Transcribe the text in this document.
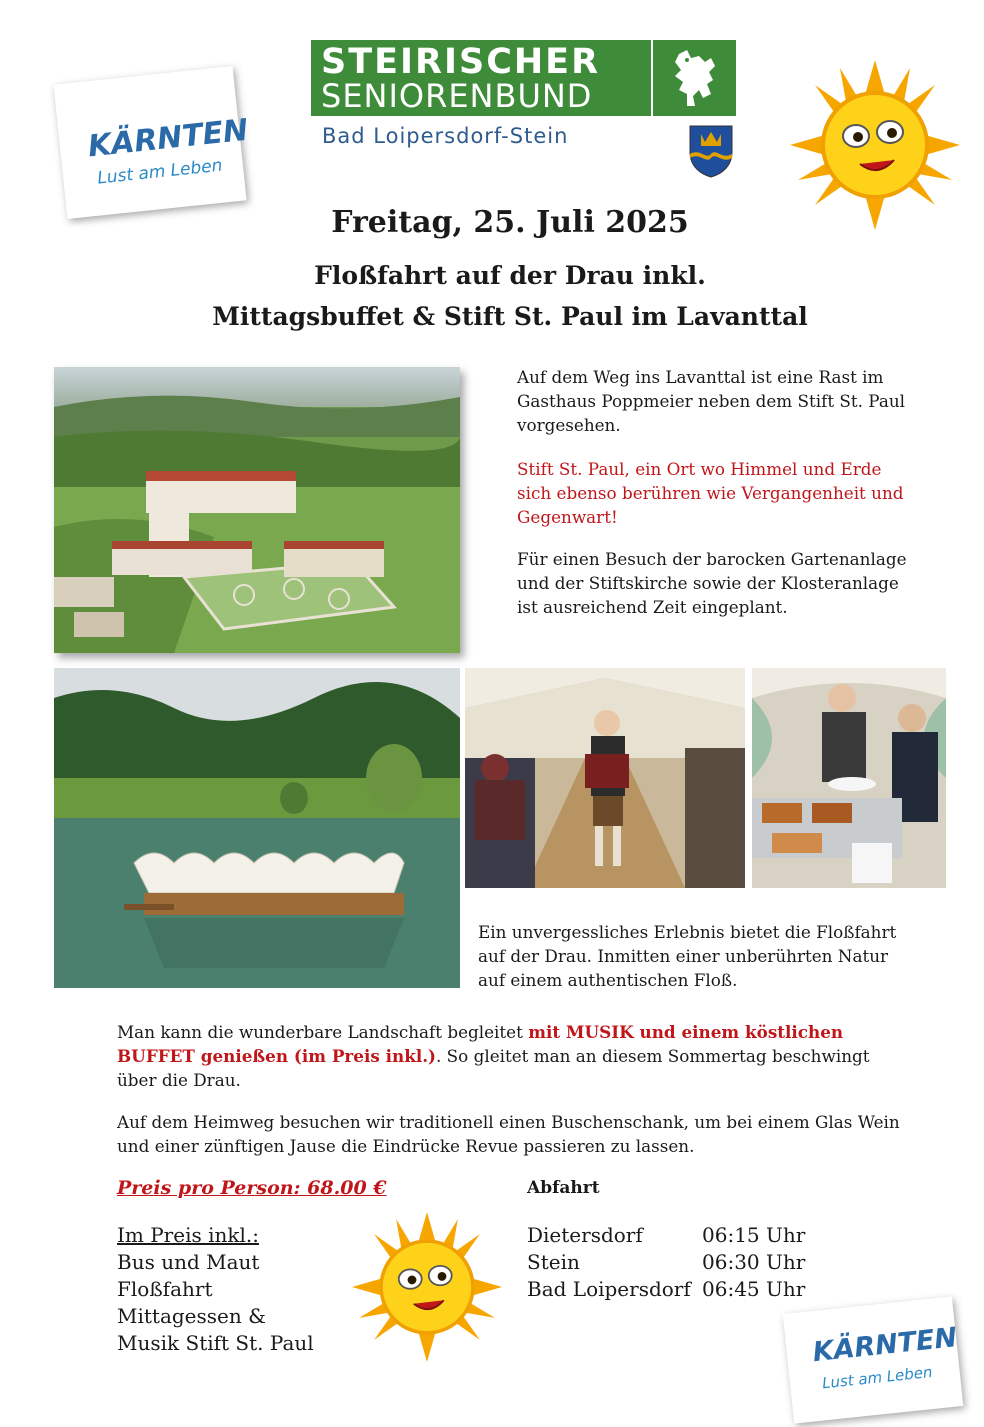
STEIRISCHER
SENIORENBUND
Bad Loipersdorf-Stein
KÄRNTEN
Lust am Leben
Freitag, 25. Juli 2025
Floßfahrt auf der Drau inkl.
Mittagsbuffet & Stift St. Paul im Lavanttal
Auf dem Weg ins Lavanttal ist eine Rast im Gasthaus Poppmeier neben dem Stift St. Paul vorgesehen.
Stift St. Paul, ein Ort wo Himmel und Erde sich ebenso berühren wie Vergangenheit und Gegenwart!
Für einen Besuch der barocken Gartenanlage und der Stiftskirche sowie der Klosteranlage ist ausreichend Zeit eingeplant.
Ein unvergessliches Erlebnis bietet die Floßfahrt auf der Drau. Inmitten einer unberührten Natur auf einem authentischen Floß.
Man kann die wunderbare Landschaft begleitet mit MUSIK und einem köstlichen BUFFET genießen (im Preis inkl.). So gleitet man an diesem Sommertag beschwingt über die Drau.
Auf dem Heimweg besuchen wir traditionell einen Buschenschank, um bei einem Glas Wein und einer zünftigen Jause die Eindrücke Revue passieren zu lassen.
Preis pro Person: 68.00 €
Im Preis inkl.:
Bus und Maut
Floßfahrt
Mittagessen &
Musik Stift St. Paul
Abfahrt
Dietersdorf	06:15 Uhr
Stein	06:30 Uhr
Bad Loipersdorf 06:45 Uhr
KÄRNTEN
Lust am Leben
